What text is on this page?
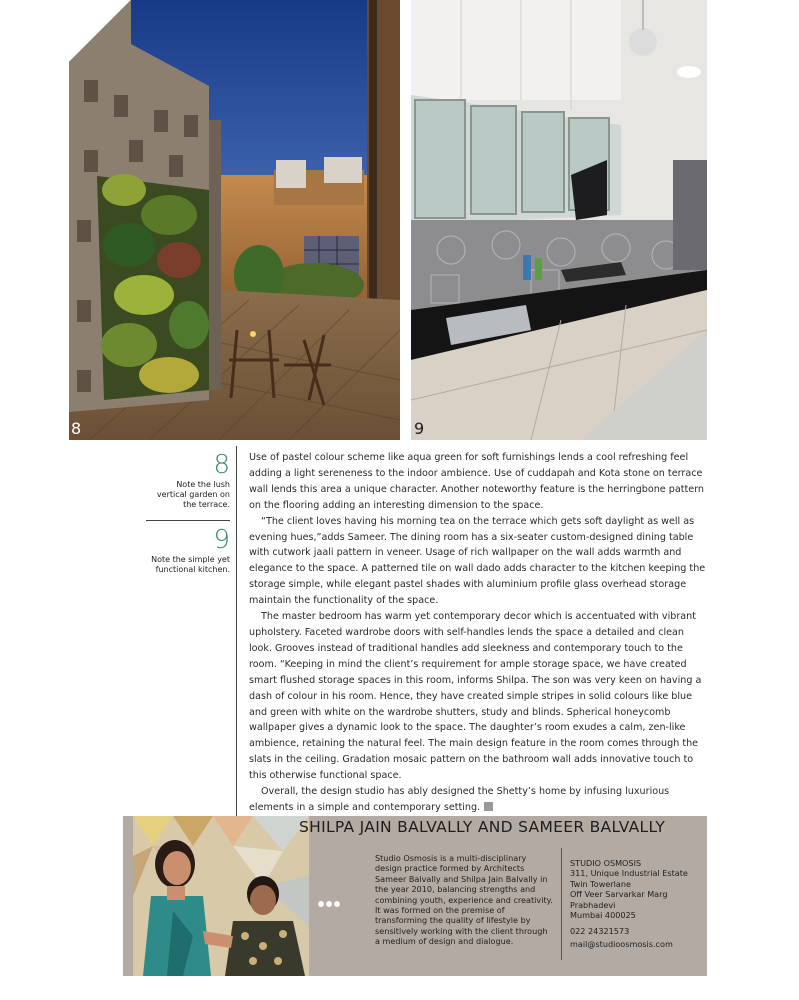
8	9
8
Note the lush vertical garden on the terrace.
9
Note the simple yet functional kitchen.

Use of pastel colour scheme like aqua green for soft furnishings lends a cool refreshing feel adding a light sereneness to the indoor ambience. Use of cuddapah and Kota stone on terrace wall lends this area a unique character. Another noteworthy feature is the herringbone pattern on the flooring adding an interesting dimension to the space.

“The client loves having his morning tea on the terrace which gets soft daylight as well as evening hues,”adds Sameer. The dining room has a six-seater custom-designed dining table with cutwork jaali pattern in veneer. Usage of rich wallpaper on the wall adds warmth and elegance to the space. A patterned tile on wall dado adds character to the kitchen keeping the storage simple, while elegant pastel shades with aluminium profile glass overhead storage maintain the functionality of the space.

The master bedroom has warm yet contemporary decor which is accentuated with vibrant upholstery. Faceted wardrobe doors with self-handles lends the space a detailed and clean look. Grooves instead of traditional handles add sleekness and contemporary touch to the room. “Keeping in mind the client’s requirement for ample storage space, we have created smart flushed storage spaces in this room, informs Shilpa. The son was very keen on having a dash of colour in his room. Hence, they have created simple stripes in solid colours like blue and green with white on the wardrobe shutters, study and blinds. Spherical honeycomb wallpaper gives a dynamic look to the space. The daughter’s room exudes a calm, zen-like ambience, retaining the natural feel. The main design feature in the room comes through the slats in the ceiling. Gradation mosaic pattern on the bathroom wall adds innovative touch to this otherwise functional space.

Overall, the design studio has ably designed the Shetty’s home by infusing luxurious elements in a simple and contemporary setting.

SHILPA JAIN BALVALLY AND SAMEER BALVALLY
Studio Osmosis is a multi-disciplinary design practice formed by Architects Sameer Balvally and Shilpa Jain Balvally in the year 2010, balancing strengths and combining youth, experience and creativity. It was formed on the premise of transforming the quality of lifestyle by sensitively working with the client through a medium of design and dialogue.
STUDIO OSMOSIS
311, Unique Industrial Estate
Twin Towerlane
Off Veer Sarvarkar Marg
Prabhadevi
Mumbai 400025
022 24321573
mail@studioosmosis.com
